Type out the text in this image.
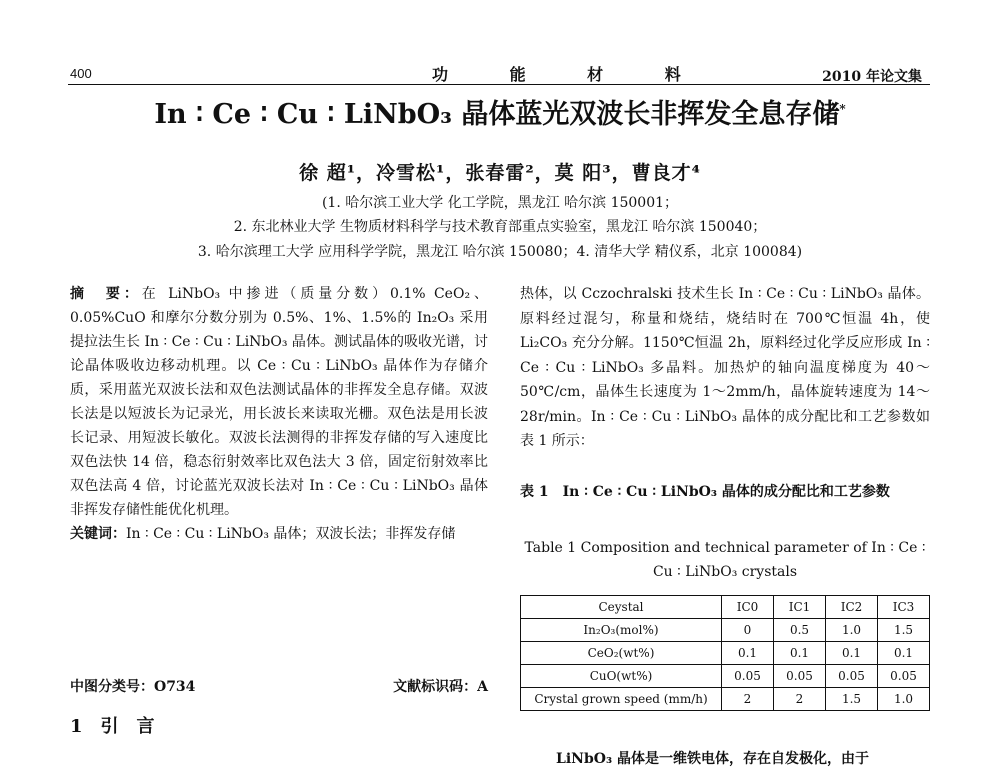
400	功 能 材 料	2010 年论文集
In ∶ Ce ∶ Cu ∶ LiNbO₃ 晶体蓝光双波长非挥发全息存储*
徐 超¹，冷雪松¹，张春雷²，莫 阳³，曹良才⁴
(1. 哈尔滨工业大学 化工学院，黑龙江 哈尔滨 150001；
2. 东北林业大学 生物质材料科学与技术教育部重点实验室，黑龙江 哈尔滨 150040；
3. 哈尔滨理工大学 应用科学学院，黑龙江 哈尔滨 150080；4. 清华大学 精仪系，北京 100084)

摘　要：在 LiNbO₃ 中掺进（质量分数）0.1% CeO₂、0.05%CuO 和摩尔分数分别为 0.5%、1%、1.5%的 In₂O₃ 采用提拉法生长 In ∶ Ce ∶ Cu ∶ LiNbO₃ 晶体。测试晶体的吸收光谱，讨论晶体吸收边移动机理。以 Ce ∶ Cu ∶ LiNbO₃ 晶体作为存储介质，采用蓝光双波长法和双色法测试晶体的非挥发全息存储。双波长法是以短波长为记录光，用长波长来读取光栅。双色法是用长波长记录、用短波长敏化。双波长法测得的非挥发存储的写入速度比双色法快 14 倍，稳态衍射效率比双色法大 3 倍，固定衍射效率比双色法高 4 倍，讨论蓝光双波长法对 In ∶ Ce ∶ Cu ∶ LiNbO₃ 晶体非挥发存储性能优化机理。

关键词：In ∶ Ce ∶ Cu ∶ LiNbO₃ 晶体；双波长法；非挥发存储

中图分类号：O734	文献标识码：A
1　引　言

热体，以 Cczochralski 技术生长 In ∶ Ce ∶ Cu ∶ LiNbO₃ 晶体。原料经过混匀，称量和烧结，烧结时在 700℃恒温 4h，使 Li₂CO₃ 充分分解。1150℃恒温 2h，原料经过化学反应形成 In ∶ Ce ∶ Cu ∶ LiNbO₃ 多晶料。加热炉的轴向温度梯度为 40～50℃/cm，晶体生长速度为 1～2mm/h，晶体旋转速度为 14～28r/min。In ∶ Ce ∶ Cu ∶ LiNbO₃ 晶体的成分配比和工艺参数如表 1 所示：

表 1　In ∶ Ce ∶ Cu ∶ LiNbO₃ 晶体的成分配比和工艺参数
Table 1 Composition and technical parameter of In ∶ Ce ∶ Cu ∶ LiNbO₃ crystals
Ceystal	IC0	IC1	IC2	IC3
In₂O₃(mol%)	0	0.5	1.0	1.5
CeO₂(wt%)	0.1	0.1	0.1	0.1
CuO(wt%)	0.05	0.05	0.05	0.05
Crystal grown speed (mm/h)	2	2	1.5	1.0
LiNbO₃ 晶体是一维铁电体，存在自发极化，由于
